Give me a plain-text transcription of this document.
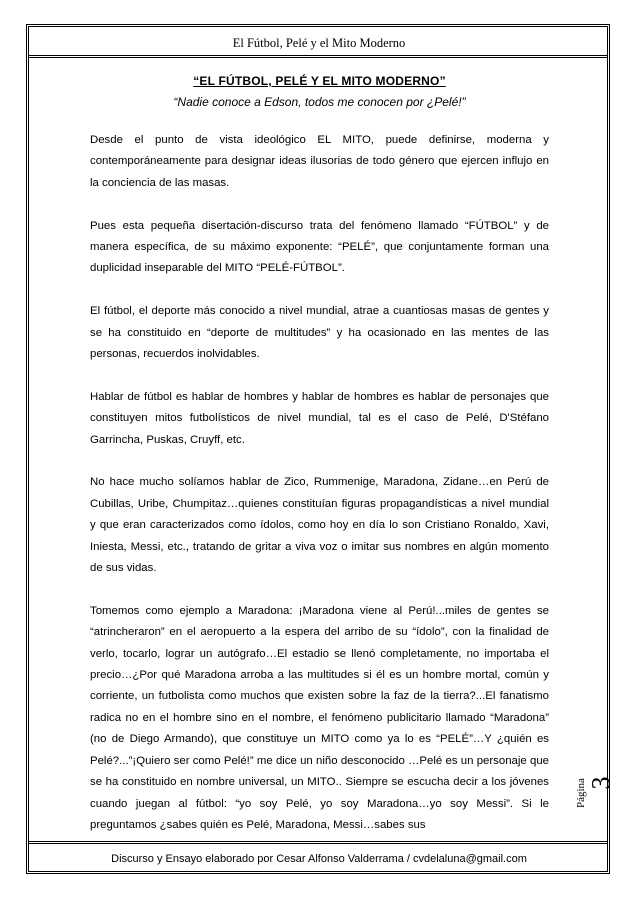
El Fútbol, Pelé y el Mito Moderno
“EL FÚTBOL, PELÉ Y EL MITO MODERNO”
“Nadie conoce a Edson, todos me conocen por ¿Pelé!”

Desde el punto de vista ideológico EL MITO, puede definirse, moderna y contemporáneamente para designar ideas ilusorias de todo género que ejercen influjo en la conciencia de las masas.

Pues esta pequeña disertación-discurso trata del fenómeno llamado “FÚTBOL” y de manera específica, de su máximo exponente: “PELÉ”, que conjuntamente forman una duplicidad inseparable del MITO “PELÉ-FÚTBOL”.

El fútbol, el deporte más conocido a nivel mundial, atrae a cuantiosas masas de gentes y se ha constituido en “deporte de multitudes” y ha ocasionado en las mentes de las personas, recuerdos inolvidables.

Hablar de fútbol es hablar de hombres y hablar de hombres es hablar de personajes que constituyen mitos futbolísticos de nivel mundial, tal es el caso de Pelé, D'Stéfano Garrincha, Puskas, Cruyff, etc.

No hace mucho solíamos hablar de Zico, Rummenige, Maradona, Zidane…en Perú de Cubillas, Uribe, Chumpitaz…quienes constituían figuras propagandísticas a nivel mundial y que eran caracterizados como ídolos, como hoy en día lo son Cristiano Ronaldo, Xavi, Iniesta, Messi, etc., tratando de gritar a viva voz o imitar sus nombres en algún momento de sus vidas.

Tomemos como ejemplo a Maradona: ¡Maradona viene al Perú!...miles de gentes se “atrincheraron” en el aeropuerto a la espera del arribo de su “ídolo”, con la finalidad de verlo, tocarlo, lograr un autógrafo…El estadio se llenó completamente, no importaba el precio…¿Por qué Maradona arroba a las multitudes si él es un hombre mortal, común y corriente, un futbolista como muchos que existen sobre la faz de la tierra?...El fanatismo radica no en el hombre sino en el nombre, el fenómeno publicitario llamado “Maradona” (no de Diego Armando), que constituye un MITO como ya lo es “PELÉ”…Y ¿quién es Pelé?...”¡Quiero ser como Pelé!” me dice un niño desconocido …Pelé es un personaje que se ha constituido en nombre universal, un MITO.. Siempre se escucha decir a los jóvenes cuando juegan al fútbol: “yo soy Pelé, yo soy Maradona…yo soy Messi”. Si le preguntamos ¿sabes quién es Pelé, Maradona, Messi…sabes sus

Página 3
Discurso y Ensayo elaborado por Cesar Alfonso Valderrama / cvdelaluna@gmail.com
